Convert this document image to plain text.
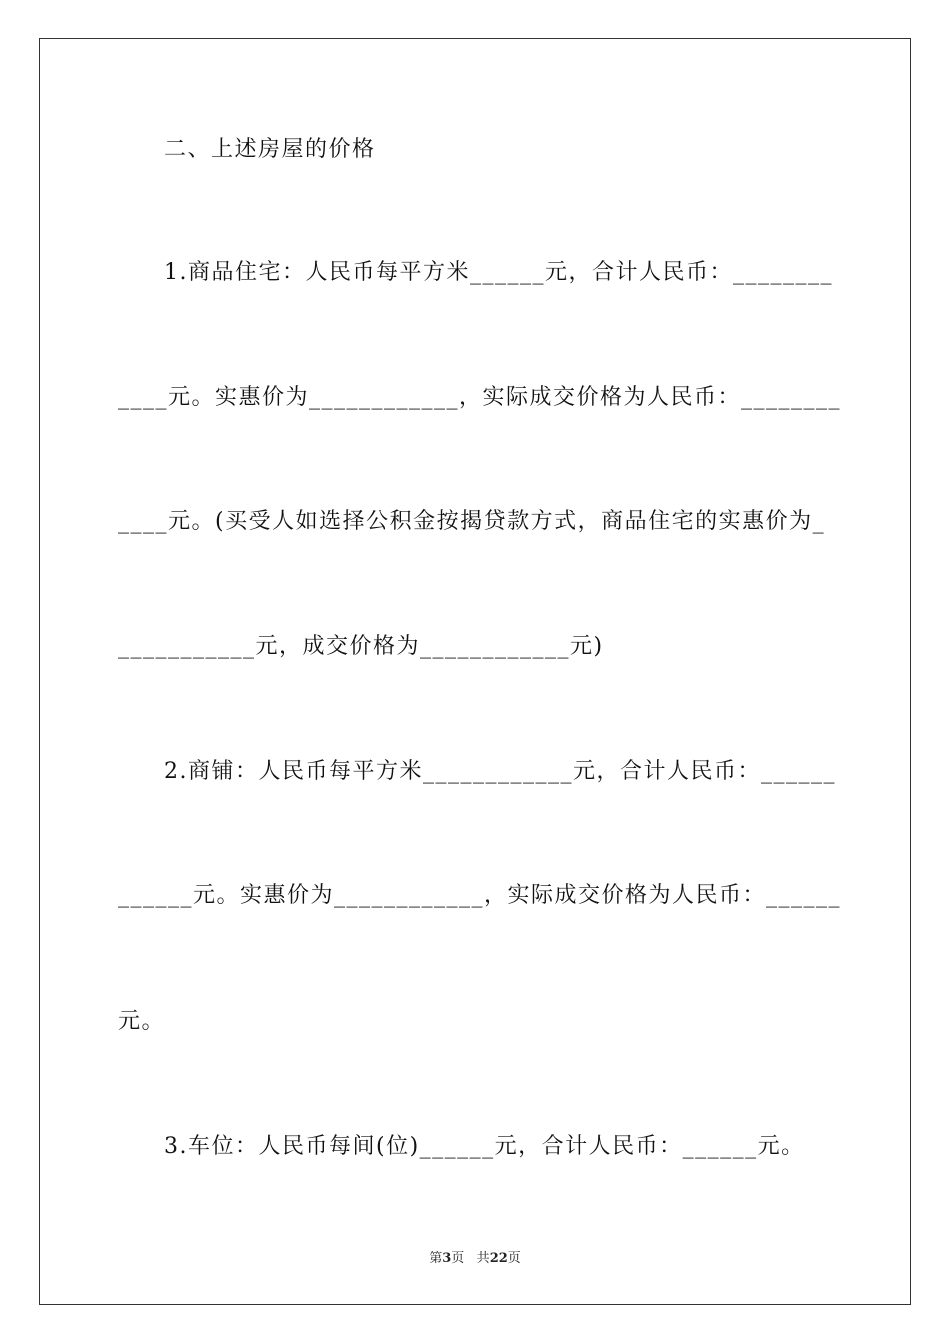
二、上述房屋的价格

1.商品住宅：人民币每平方米______元，合计人民币：________

____元。实惠价为____________，实际成交价格为人民币：________

____元。(买受人如选择公积金按揭贷款方式，商品住宅的实惠价为_

___________元，成交价格为____________元)

2.商铺：人民币每平方米____________元，合计人民币：______

______元。实惠价为____________，实际成交价格为人民币：______

元。

3.车位：人民币每间(位)______元，合计人民币：______元。

第3页 共22页
